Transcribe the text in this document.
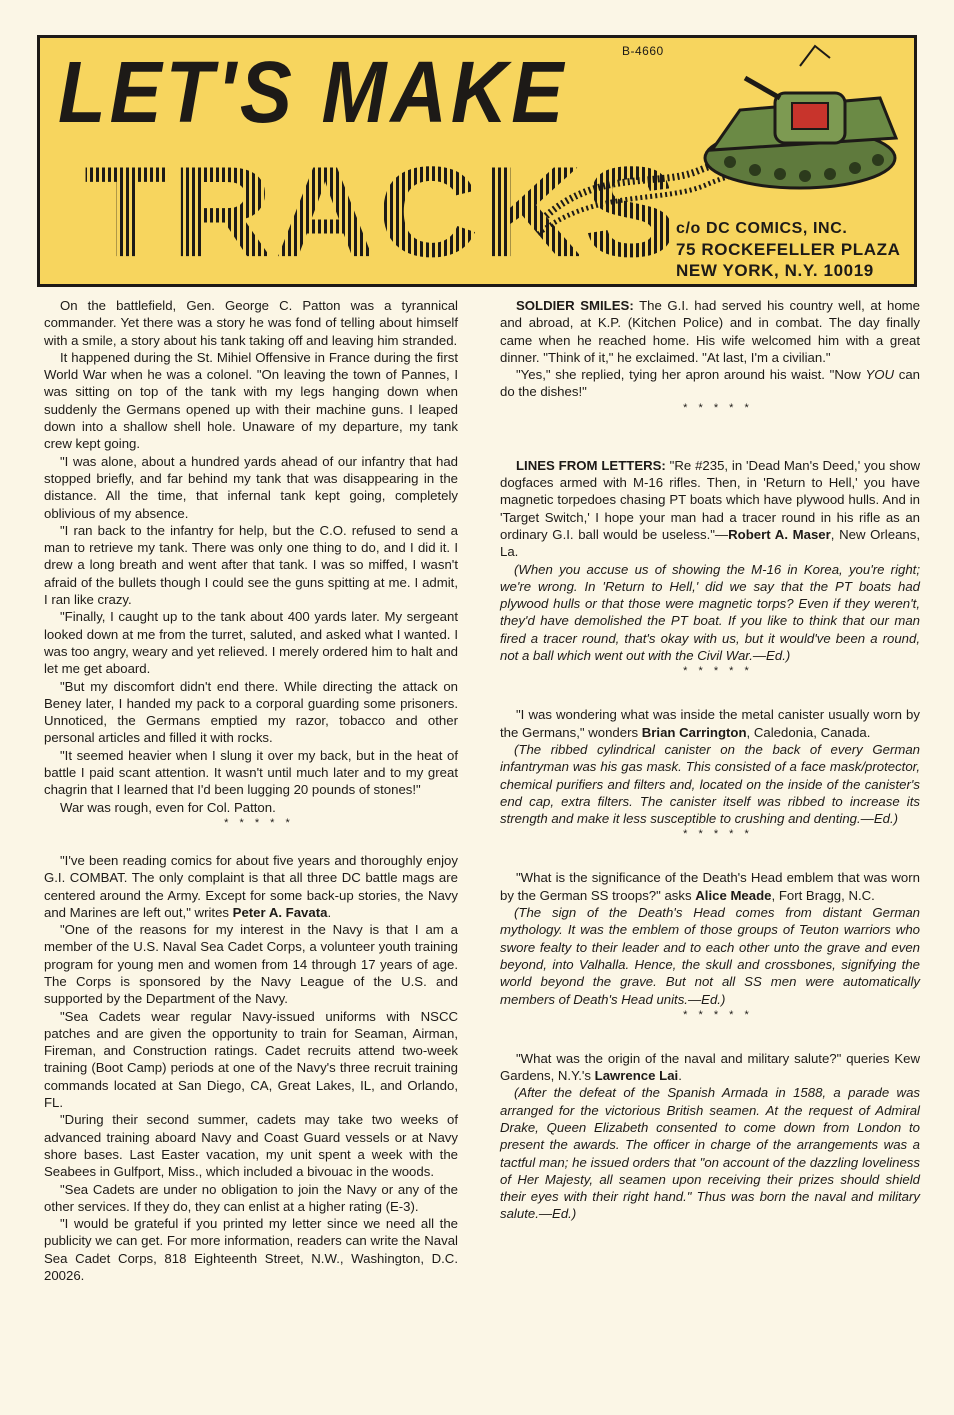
B-4660
LET'S MAKE
TRACKS
c/o DC COMICS, INC.
75 ROCKEFELLER PLAZA
NEW YORK, N.Y. 10019

On the battlefield, Gen. George C. Patton was a tyrannical commander. Yet there was a story he was fond of telling about himself with a smile, a story about his tank taking off and leaving him stranded.

It happened during the St. Mihiel Offensive in France during the first World War when he was a colonel. "On leaving the town of Pannes, I was sitting on top of the tank with my legs hanging down when suddenly the Germans opened up with their machine guns. I leaped down into a shallow shell hole. Unaware of my departure, my tank crew kept going.

"I was alone, about a hundred yards ahead of our infantry that had stopped briefly, and far behind my tank that was disappearing in the distance. All the time, that infernal tank kept going, completely oblivious of my absence.

"I ran back to the infantry for help, but the C.O. refused to send a man to retrieve my tank. There was only one thing to do, and I did it. I drew a long breath and went after that tank. I was so miffed, I wasn't afraid of the bullets though I could see the guns spitting at me. I admit, I ran like crazy.

"Finally, I caught up to the tank about 400 yards later. My sergeant looked down at me from the turret, saluted, and asked what I wanted. I was too angry, weary and yet relieved. I merely ordered him to halt and let me get aboard.

"But my discomfort didn't end there. While directing the attack on Beney later, I handed my pack to a corporal guarding some prisoners. Unnoticed, the Germans emptied my razor, tobacco and other personal articles and filled it with rocks.

"It seemed heavier when I slung it over my back, but in the heat of battle I paid scant attention. It wasn't until much later and to my great chagrin that I learned that I'd been lugging 20 pounds of stones!"

War was rough, even for Col. Patton.

* * * * *

"I've been reading comics for about five years and thoroughly enjoy G.I. COMBAT. The only complaint is that all three DC battle mags are centered around the Army. Except for some back-up stories, the Navy and Marines are left out," writes Peter A. Favata.

"One of the reasons for my interest in the Navy is that I am a member of the U.S. Naval Sea Cadet Corps, a volunteer youth training program for young men and women from 14 through 17 years of age. The Corps is sponsored by the Navy League of the U.S. and supported by the Department of the Navy.

"Sea Cadets wear regular Navy-issued uniforms with NSCC patches and are given the opportunity to train for Seaman, Airman, Fireman, and Construction ratings. Cadet recruits attend two-week training (Boot Camp) periods at one of the Navy's three recruit training commands located at San Diego, CA, Great Lakes, IL, and Orlando, FL.

"During their second summer, cadets may take two weeks of advanced training aboard Navy and Coast Guard vessels or at Navy shore bases. Last Easter vacation, my unit spent a week with the Seabees in Gulfport, Miss., which included a bivouac in the woods.

"Sea Cadets are under no obligation to join the Navy or any of the other services. If they do, they can enlist at a higher rating (E-3).

"I would be grateful if you printed my letter since we need all the publicity we can get. For more information, readers can write the Naval Sea Cadet Corps, 818 Eighteenth Street, N.W., Washington, D.C. 20026.

SOLDIER SMILES: The G.I. had served his country well, at home and abroad, at K.P. (Kitchen Police) and in combat. The day finally came when he reached home. His wife welcomed him with a great dinner. "Think of it," he exclaimed. "At last, I'm a civilian."

"Yes," she replied, tying her apron around his waist. "Now YOU can do the dishes!"

* * * * *

LINES FROM LETTERS: "Re #235, in 'Dead Man's Deed,' you show dogfaces armed with M-16 rifles. Then, in 'Return to Hell,' you have magnetic torpedoes chasing PT boats which have plywood hulls. And in 'Target Switch,' I hope your man had a tracer round in his rifle as an ordinary G.I. ball would be useless."—Robert A. Maser, New Orleans, La.

(When you accuse us of showing the M-16 in Korea, you're right; we're wrong. In 'Return to Hell,' did we say that the PT boats had plywood hulls or that those were magnetic torps? Even if they weren't, they'd have demolished the PT boat. If you like to think that our man fired a tracer round, that's okay with us, but it would've been a round, not a ball which went out with the Civil War.—Ed.)

* * * * *

"I was wondering what was inside the metal canister usually worn by the Germans," wonders Brian Carrington, Caledonia, Canada.

(The ribbed cylindrical canister on the back of every German infantryman was his gas mask. This consisted of a face mask/protector, chemical purifiers and filters and, located on the inside of the canister's end cap, extra filters. The canister itself was ribbed to increase its strength and make it less susceptible to crushing and denting.—Ed.)

* * * * *

"What is the significance of the Death's Head emblem that was worn by the German SS troops?" asks Alice Meade, Fort Bragg, N.C.

(The sign of the Death's Head comes from distant German mythology. It was the emblem of those groups of Teuton warriors who swore fealty to their leader and to each other unto the grave and even beyond, into Valhalla. Hence, the skull and crossbones, signifying the world beyond the grave. But not all SS men were automatically members of Death's Head units.—Ed.)

* * * * *

"What was the origin of the naval and military salute?" queries Kew Gardens, N.Y.'s Lawrence Lai.

(After the defeat of the Spanish Armada in 1588, a parade was arranged for the victorious British seamen. At the request of Admiral Drake, Queen Elizabeth consented to come down from London to present the awards. The officer in charge of the arrangements was a tactful man; he issued orders that "on account of the dazzling loveliness of Her Majesty, all seamen upon receiving their prizes should shield their eyes with their right hand." Thus was born the naval and military salute.—Ed.)
